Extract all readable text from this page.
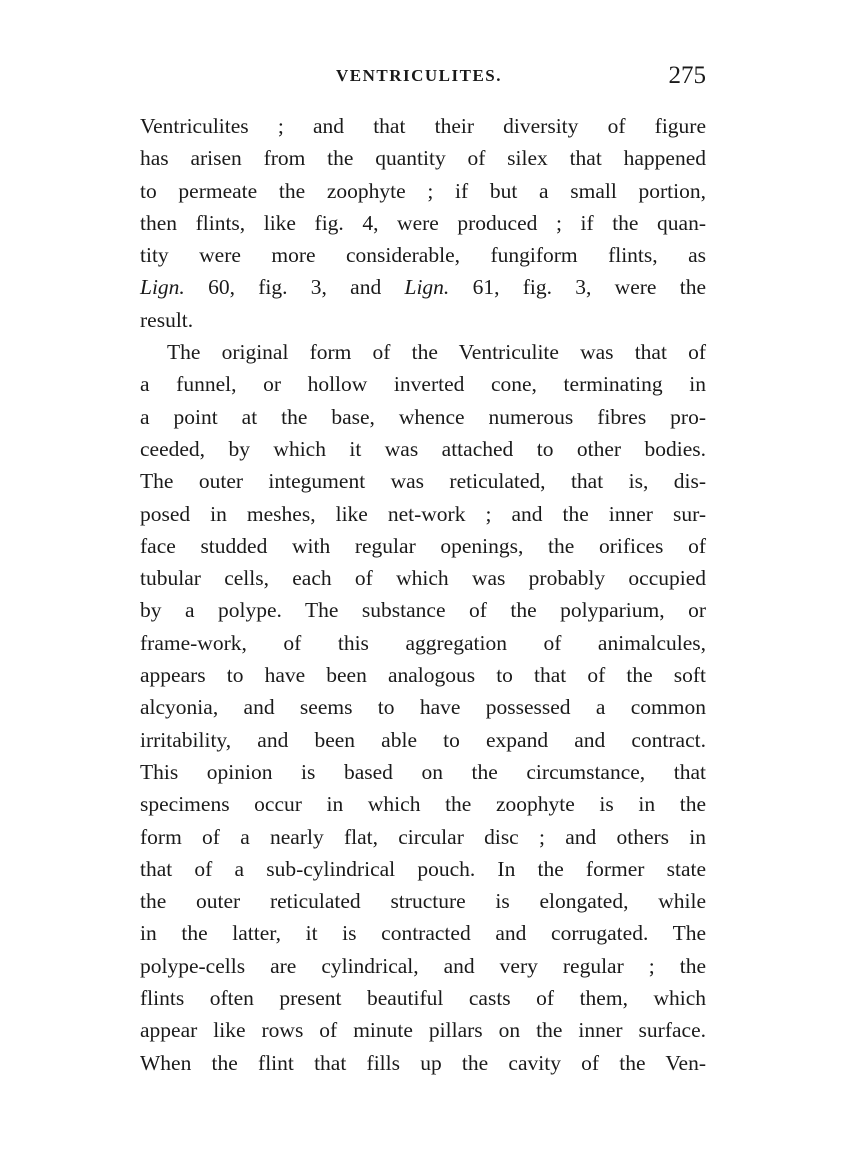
VENTRICULITES.	275
Ventriculites ; and that their diversity of figure
has arisen from the quantity of silex that happened
to permeate the zoophyte ; if but a small portion,
then flints, like fig. 4, were produced ; if the quan-
tity were more considerable, fungiform flints, as
Lign. 60, fig. 3, and Lign. 61, fig. 3, were the
result.
The original form of the Ventriculite was that of
a funnel, or hollow inverted cone, terminating in
a point at the base, whence numerous fibres pro-
ceeded, by which it was attached to other bodies.
The outer integument was reticulated, that is, dis-
posed in meshes, like net-work ; and the inner sur-
face studded with regular openings, the orifices of
tubular cells, each of which was probably occupied
by a polype. The substance of the polyparium, or
frame-work, of this aggregation of animalcules,
appears to have been analogous to that of the soft
alcyonia, and seems to have possessed a common
irritability, and been able to expand and contract.
This opinion is based on the circumstance, that
specimens occur in which the zoophyte is in the
form of a nearly flat, circular disc ; and others in
that of a sub-cylindrical pouch. In the former state
the outer reticulated structure is elongated, while
in the latter, it is contracted and corrugated. The
polype-cells are cylindrical, and very regular ; the
flints often present beautiful casts of them, which
appear like rows of minute pillars on the inner surface.
When the flint that fills up the cavity of the Ven-
